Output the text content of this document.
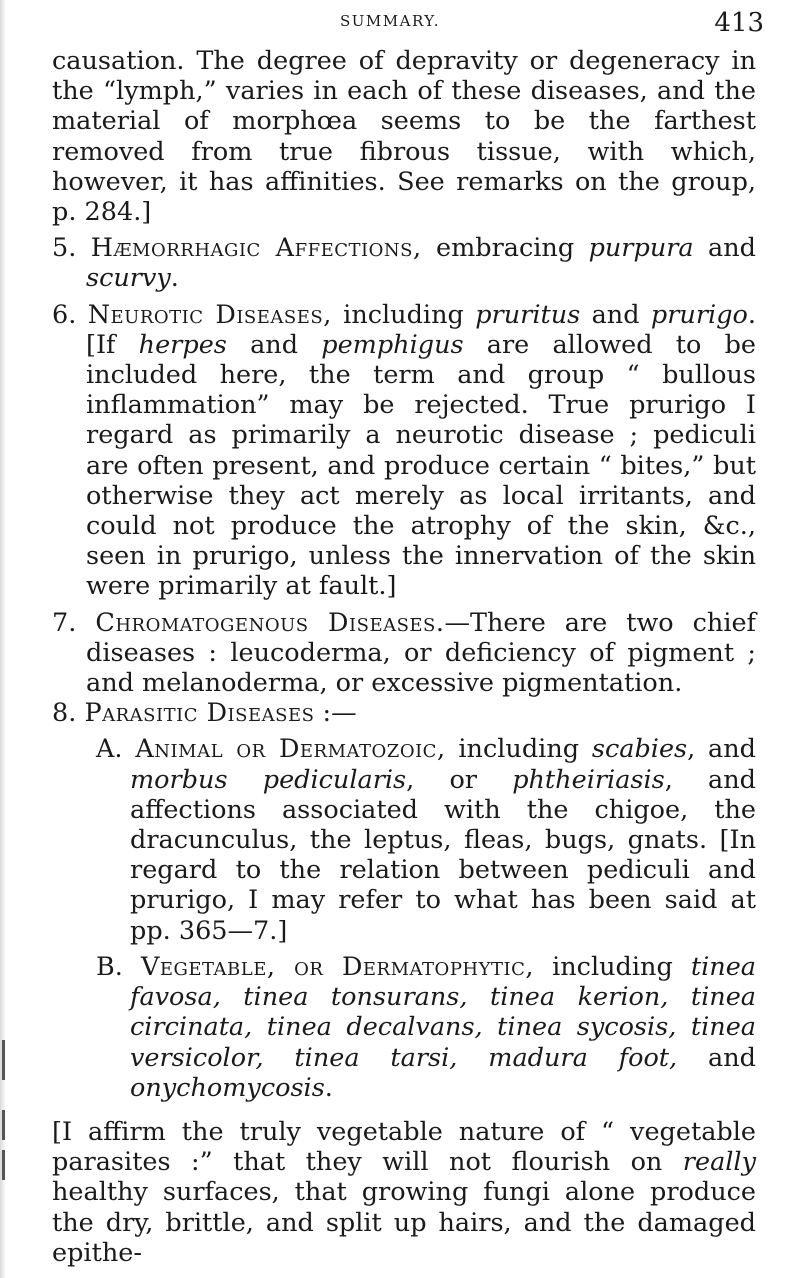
SUMMARY.	413

causation. The degree of depravity or degeneracy in the “lymph,” varies in each of these diseases, and the material of morphœa seems to be the farthest removed from true fibrous tissue, with which, however, it has affinities. See remarks on the group, p. 284.]

5. Hæmorrhagic Affections, embracing purpura and scurvy.

6. Neurotic Diseases, including pruritus and prurigo. [If herpes and pemphigus are allowed to be included here, the term and group “ bullous inflammation” may be rejected. True prurigo I regard as primarily a neurotic disease ; pediculi are often present, and produce certain “ bites,” but otherwise they act merely as local irritants, and could not produce the atrophy of the skin, &c., seen in prurigo, unless the innervation of the skin were primarily at fault.]

7. Chromatogenous Diseases.—There are two chief diseases : leucoderma, or deficiency of pigment ; and melanoderma, or excessive pigmentation.

8. Parasitic Diseases :—

A. Animal or Dermatozoic, including scabies, and morbus pedicularis, or phtheiriasis, and affections associated with the chigoe, the dracunculus, the leptus, fleas, bugs, gnats. [In regard to the relation between pediculi and prurigo, I may refer to what has been said at pp. 365—7.]

B. Vegetable, or Dermatophytic, including tinea favosa, tinea tonsurans, tinea kerion, tinea circinata, tinea decalvans, tinea sycosis, tinea versicolor, tinea tarsi, madura foot, and onychomycosis.

[I affirm the truly vegetable nature of “ vegetable parasites :” that they will not flourish on really healthy surfaces, that growing fungi alone produce the dry, brittle, and split up hairs, and the damaged epithe-
